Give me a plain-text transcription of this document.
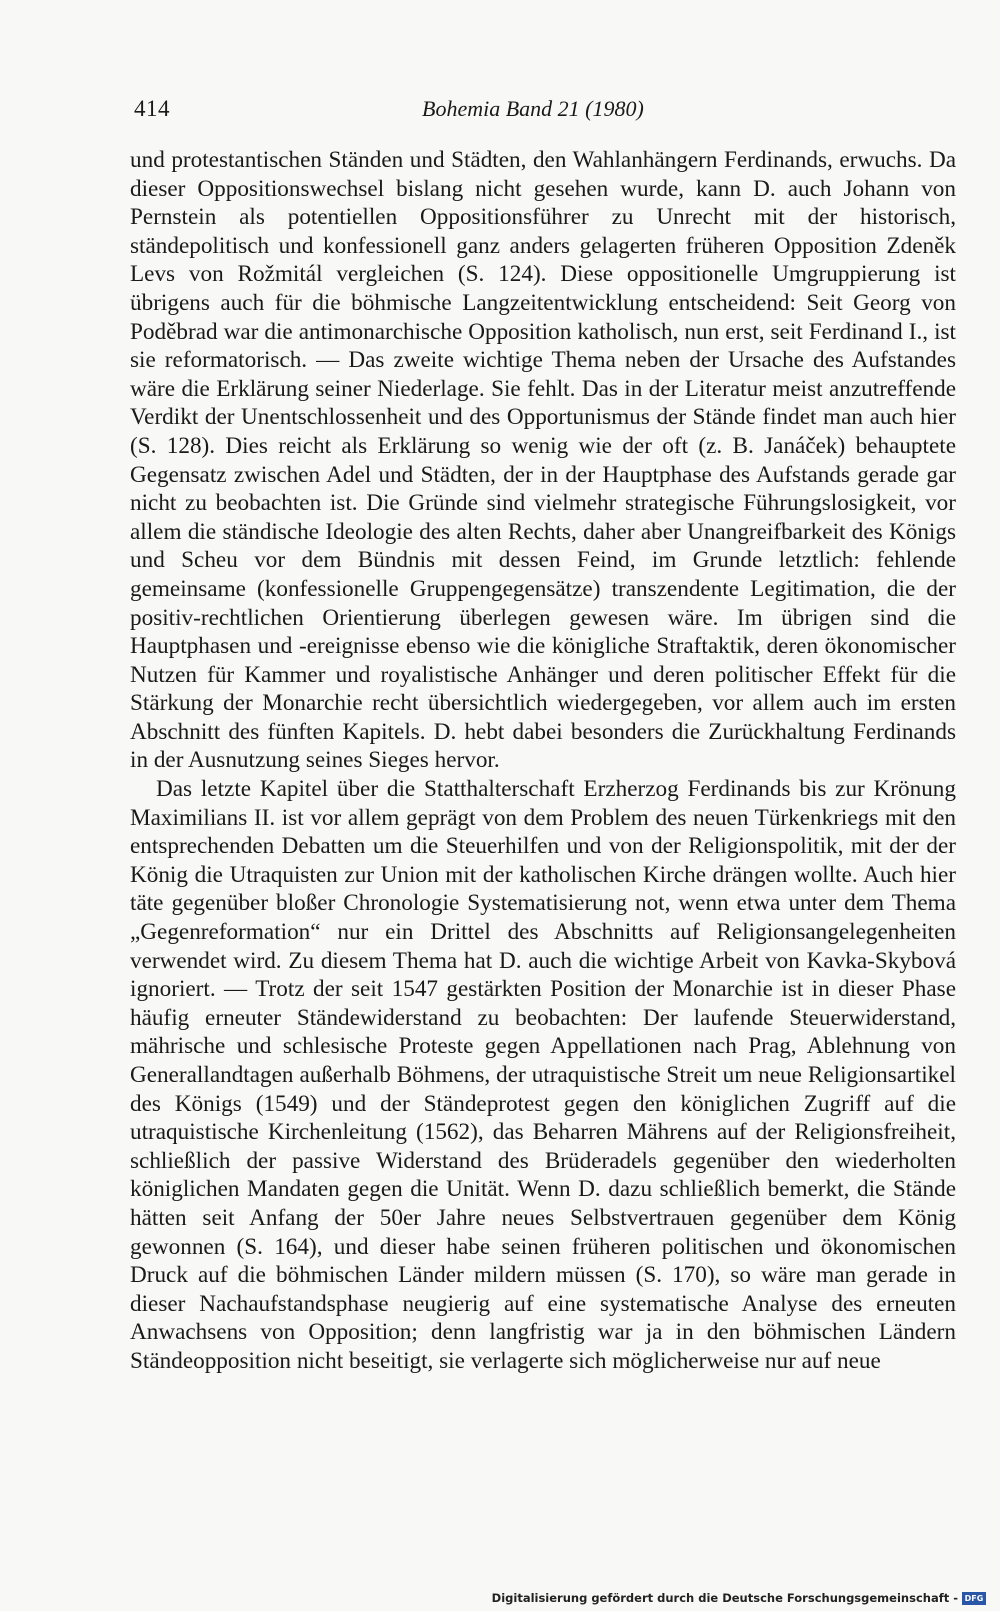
414	Bohemia Band 21 (1980)

und protestantischen Ständen und Städten, den Wahlanhängern Ferdinands, erwuchs. Da dieser Oppositionswechsel bislang nicht gesehen wurde, kann D. auch Johann von Pernstein als potentiellen Oppositionsführer zu Unrecht mit der historisch, ständepolitisch und konfessionell ganz anders gelagerten früheren Opposition Zdeněk Levs von Rožmitál vergleichen (S. 124). Diese oppositionelle Umgruppierung ist übrigens auch für die böhmische Langzeitentwicklung entscheidend: Seit Georg von Poděbrad war die antimonarchische Opposition katholisch, nun erst, seit Ferdinand I., ist sie reformatorisch. — Das zweite wichtige Thema neben der Ursache des Aufstandes wäre die Erklärung seiner Niederlage. Sie fehlt. Das in der Literatur meist anzutreffende Verdikt der Unentschlossenheit und des Opportunismus der Stände findet man auch hier (S. 128). Dies reicht als Erklärung so wenig wie der oft (z. B. Janáček) behauptete Gegensatz zwischen Adel und Städten, der in der Hauptphase des Aufstands gerade gar nicht zu beobachten ist. Die Gründe sind vielmehr strategische Führungslosigkeit, vor allem die ständische Ideologie des alten Rechts, daher aber Unangreifbarkeit des Königs und Scheu vor dem Bündnis mit dessen Feind, im Grunde letztlich: fehlende gemeinsame (konfessionelle Gruppengegensätze) transzendente Legitimation, die der positiv-rechtlichen Orientierung überlegen gewesen wäre. Im übrigen sind die Hauptphasen und -ereignisse ebenso wie die königliche Straftaktik, deren ökonomischer Nutzen für Kammer und royalistische Anhänger und deren politischer Effekt für die Stärkung der Monarchie recht übersichtlich wiedergegeben, vor allem auch im ersten Abschnitt des fünften Kapitels. D. hebt dabei besonders die Zurückhaltung Ferdinands in der Ausnutzung seines Sieges hervor.

Das letzte Kapitel über die Statthalterschaft Erzherzog Ferdinands bis zur Krönung Maximilians II. ist vor allem geprägt von dem Problem des neuen Türkenkriegs mit den entsprechenden Debatten um die Steuerhilfen und von der Religionspolitik, mit der der König die Utraquisten zur Union mit der katholischen Kirche drängen wollte. Auch hier täte gegenüber bloßer Chronologie Systematisierung not, wenn etwa unter dem Thema „Gegenreformation“ nur ein Drittel des Abschnitts auf Religionsangelegenheiten verwendet wird. Zu diesem Thema hat D. auch die wichtige Arbeit von Kavka-Skybová ignoriert. — Trotz der seit 1547 gestärkten Position der Monarchie ist in dieser Phase häufig erneuter Ständewiderstand zu beobachten: Der laufende Steuerwiderstand, mährische und schlesische Proteste gegen Appellationen nach Prag, Ablehnung von Generallandtagen außerhalb Böhmens, der utraquistische Streit um neue Religionsartikel des Königs (1549) und der Ständeprotest gegen den königlichen Zugriff auf die utraquistische Kirchenleitung (1562), das Beharren Mährens auf der Religionsfreiheit, schließlich der passive Widerstand des Brüderadels gegenüber den wiederholten königlichen Mandaten gegen die Unität. Wenn D. dazu schließlich bemerkt, die Stände hätten seit Anfang der 50er Jahre neues Selbstvertrauen gegenüber dem König gewonnen (S. 164), und dieser habe seinen früheren politischen und ökonomischen Druck auf die böhmischen Länder mildern müssen (S. 170), so wäre man gerade in dieser Nachaufstandsphase neugierig auf eine systematische Analyse des erneuten Anwachsens von Opposition; denn langfristig war ja in den böhmischen Ländern Ständeopposition nicht beseitigt, sie verlagerte sich möglicherweise nur auf neue

Digitalisierung gefördert durch die Deutsche Forschungsgemeinschaft - DFG
